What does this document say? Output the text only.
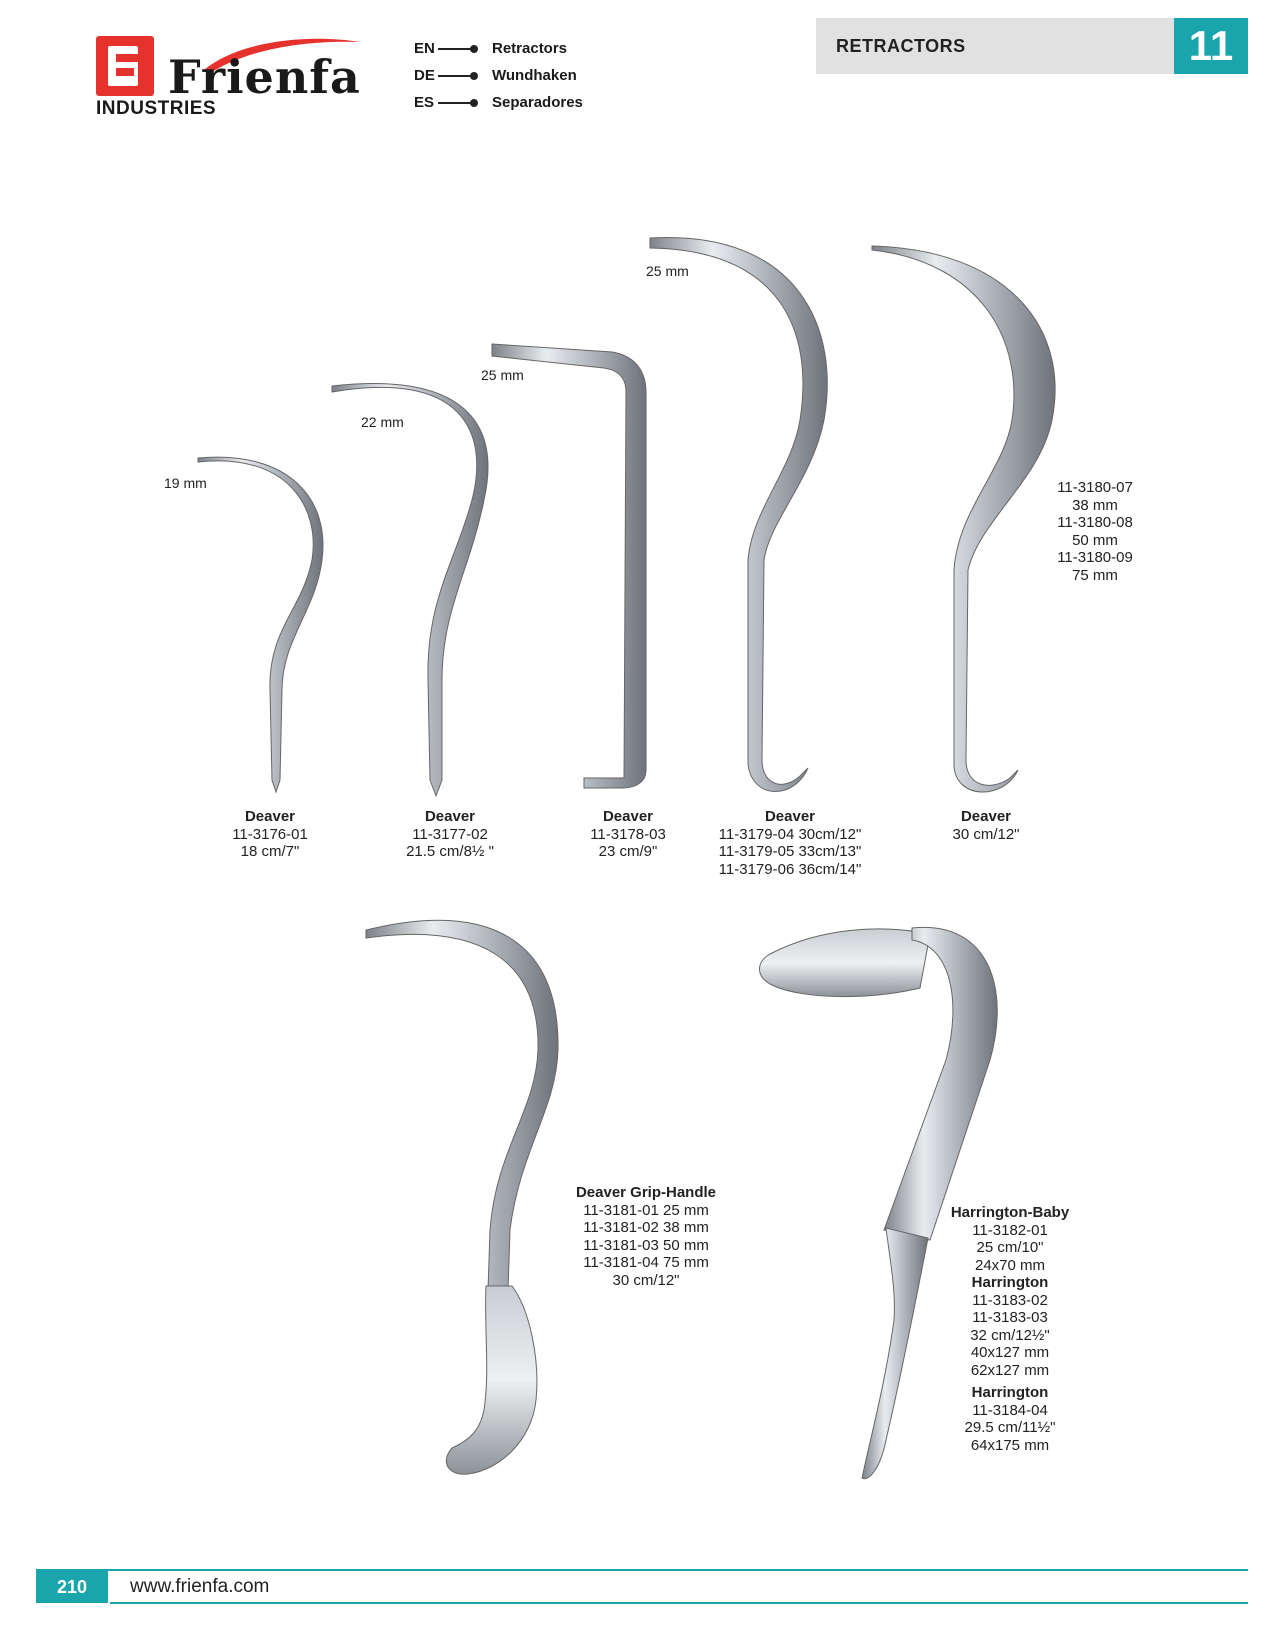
Frienfa
INDUSTRIES
EN	Retractors
DE	Wundhaken
ES	Separadores
RETRACTORS	11
19 mm
22 mm
25 mm
25 mm
Deaver
11-3176-01
18 cm/7"
Deaver
11-3177-02
21.5 cm/8½ "
Deaver
11-3178-03
23 cm/9"
Deaver
11-3179-04 30cm/12"
11-3179-05 33cm/13"
11-3179-06 36cm/14"
Deaver
30 cm/12"
11-3180-07
38 mm
11-3180-08
50 mm
11-3180-09
75 mm
Deaver Grip-Handle
11-3181-01 25 mm
11-3181-02 38 mm
11-3181-03 50 mm
11-3181-04 75 mm
30 cm/12"
Harrington-Baby
11-3182-01
25 cm/10"
24x70 mm
Harrington
11-3183-02
11-3183-03
32 cm/12½"
40x127 mm
62x127 mm
Harrington
11-3184-04
29.5 cm/11½"
64x175 mm
210	www.frienfa.com
